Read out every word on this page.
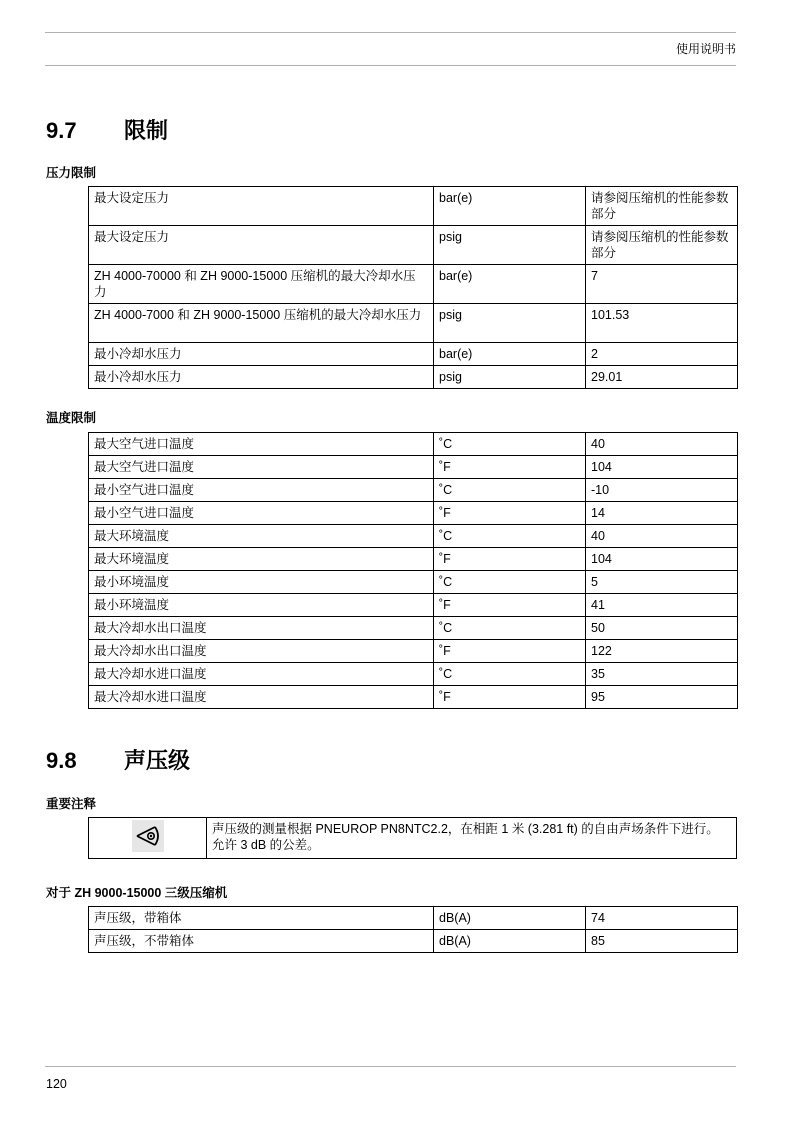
使用说明书
9.7 限制
压力限制
最大设定压力	bar(e)	请参阅压缩机的性能参数部分
最大设定压力	psig	请参阅压缩机的性能参数部分
ZH 4000-70000 和 ZH 9000-15000 压缩机的最大冷却水压力	bar(e)	7
ZH 4000-7000 和 ZH 9000-15000 压缩机的最大冷却水压力	psig	101.53
最小冷却水压力	bar(e)	2
最小冷却水压力	psig	29.01
温度限制
最大空气进口温度	˚C	40
最大空气进口温度	˚F	104
最小空气进口温度	˚C	-10
最小空气进口温度	˚F	14
最大环境温度	˚C	40
最大环境温度	˚F	104
最小环境温度	˚C	5
最小环境温度	˚F	41
最大冷却水出口温度	˚C	50
最大冷却水出口温度	˚F	122
最大冷却水进口温度	˚C	35
最大冷却水进口温度	˚F	95
9.8 声压级
重要注释
	声压级的测量根据 PNEUROP PN8NTC2.2，在相距 1 米 (3.281 ft) 的自由声场条件下进行。 允许 3 dB 的公差。
对于 ZH 9000-15000 三级压缩机
声压级，带箱体	dB(A)	74
声压级，不带箱体	dB(A)	85
120
